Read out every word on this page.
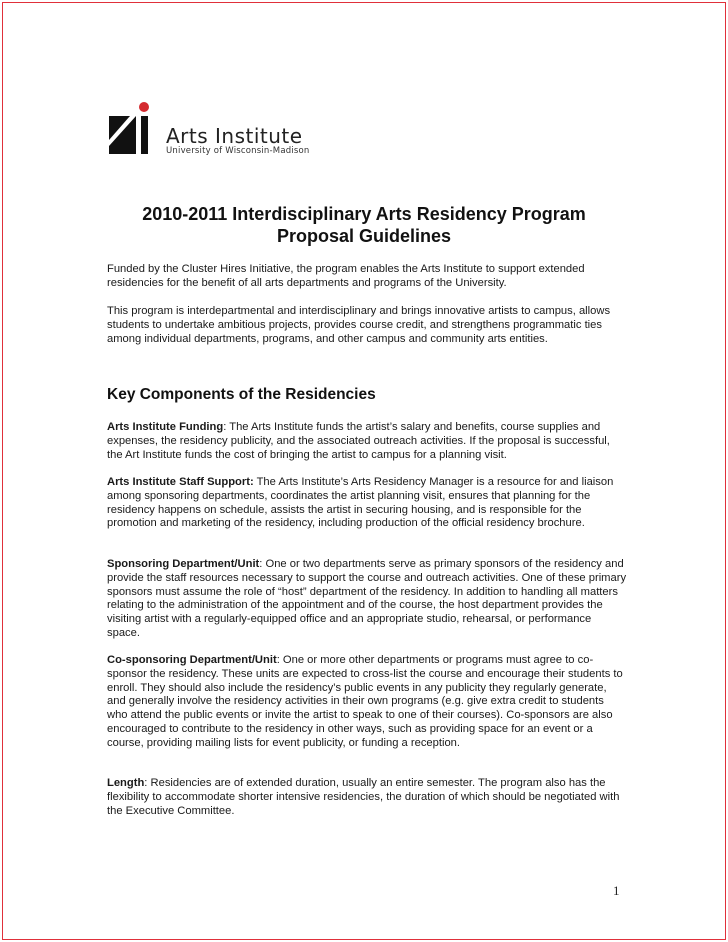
Arts Institute
University of Wisconsin-Madison
2010-2011 Interdisciplinary Arts Residency Program
Proposal Guidelines

Funded by the Cluster Hires Initiative, the program enables the Arts Institute to support extended residencies for the benefit of all arts departments and programs of the University.

This program is interdepartmental and interdisciplinary and brings innovative artists to campus, allows students to undertake ambitious projects, provides course credit, and strengthens programmatic ties among individual departments, programs, and other campus and community arts entities.

Key Components of the Residencies

Arts Institute Funding: The Arts Institute funds the artist’s salary and benefits, course supplies and expenses, the residency publicity, and the associated outreach activities. If the proposal is successful, the Art Institute funds the cost of bringing the artist to campus for a planning visit.

Arts Institute Staff Support: The Arts Institute’s Arts Residency Manager is a resource for and liaison among sponsoring departments, coordinates the artist planning visit, ensures that planning for the residency happens on schedule, assists the artist in securing housing, and is responsible for the promotion and marketing of the residency, including production of the official residency brochure.

Sponsoring Department/Unit: One or two departments serve as primary sponsors of the residency and provide the staff resources necessary to support the course and outreach activities. One of these primary sponsors must assume the role of “host” department of the residency. In addition to handling all matters relating to the administration of the appointment and of the course, the host department provides the visiting artist with a regularly-equipped office and an appropriate studio, rehearsal, or performance space.

Co-sponsoring Department/Unit: One or more other departments or programs must agree to co-sponsor the residency. These units are expected to cross-list the course and encourage their students to enroll. They should also include the residency’s public events in any publicity they regularly generate, and generally involve the residency activities in their own programs (e.g. give extra credit to students who attend the public events or invite the artist to speak to one of their courses). Co-sponsors are also encouraged to contribute to the residency in other ways, such as providing space for an event or a course, providing mailing lists for event publicity, or funding a reception.

Length: Residencies are of extended duration, usually an entire semester. The program also has the flexibility to accommodate shorter intensive residencies, the duration of which should be negotiated with the Executive Committee.

1
